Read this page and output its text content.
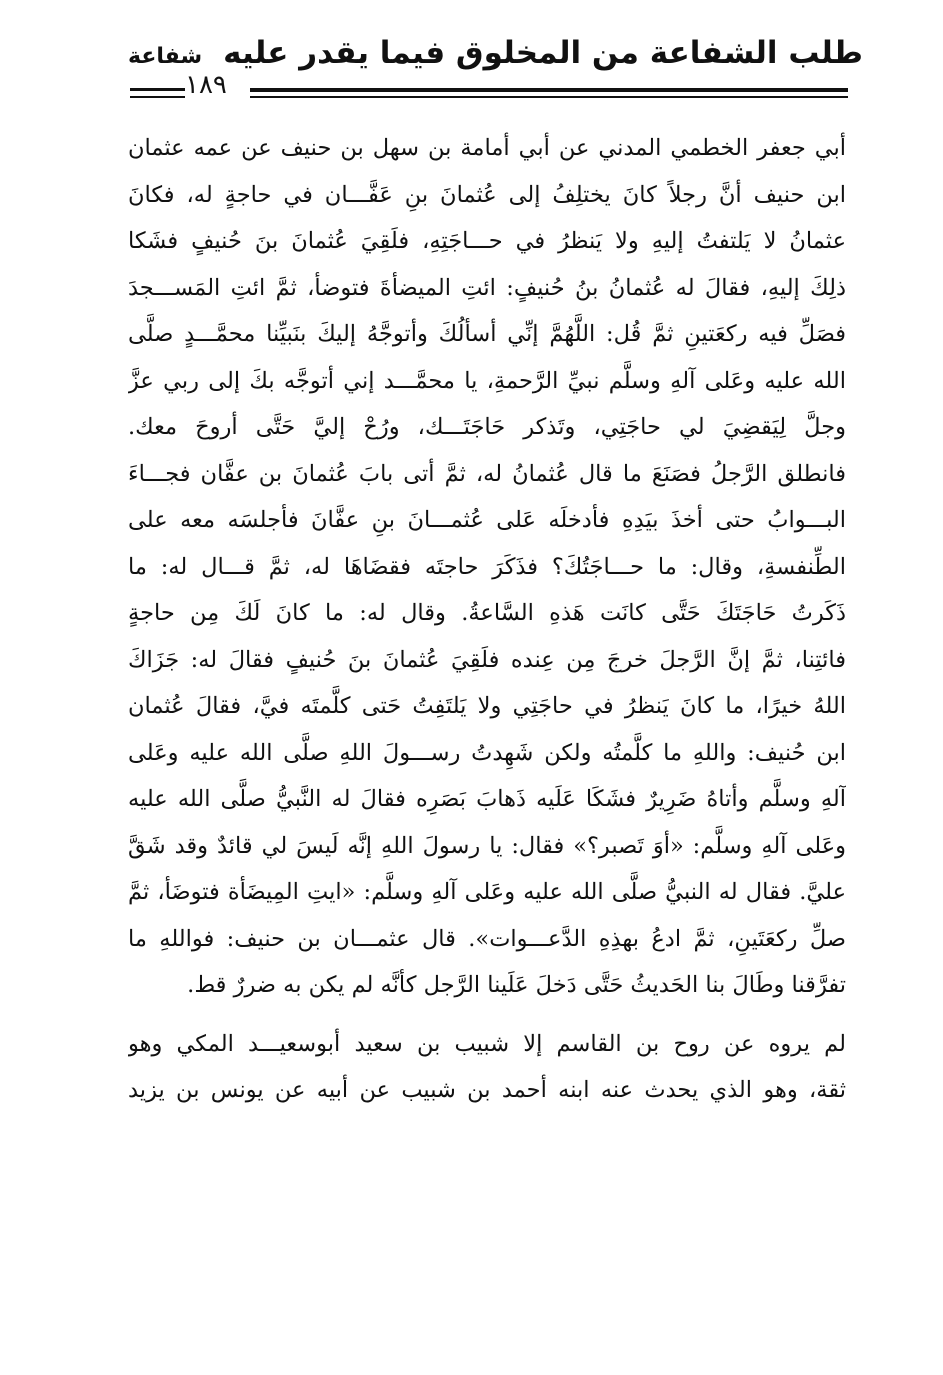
طلب الشفاعة من المخلوق فيما يقدر عليه
شفاعة
١٨٩
أبي جعفر الخطمي المدني عن أبي أمامة بن سهل بن حنيف عن عمه عثمان
ابن حنيف أنَّ رجلاً كانَ يختلِفُ إلى عُثمانَ بنِ عَفَّـــان في حاجةٍ له، فكانَ
عثمانُ لا يَلتفتُ إليهِ ولا يَنظرُ في حـــاجَتِهِ، فلَقِيَ عُثمانَ بنَ حُنيفٍ فشَكا
ذلِكَ إليهِ، فقالَ له عُثمانُ بنُ حُنيفٍ: ائتِ الميضأةَ فتوضأ، ثمَّ ائتِ المَســـجدَ
فصَلِّ فيه ركعَتينِ ثمَّ قُل: اللَّهُمَّ إنِّي أسألُكَ وأتوجَّهُ إليكَ بنَبيِّنا محمَّـــدٍ صلَّى
الله عليه وعَلى آلهِ وسلَّم نبيِّ الرَّحمةِ، يا محمَّـــد إني أتوجَّه بكَ إلى ربي عزَّ
وجلَّ لِيَقضِيَ لي حاجَتِي، وتَذكر حَاجَتَـــك، ورُحْ إليَّ حَتَّى أروحَ معك.
فانطلق الرَّجلُ فصَنَعَ ما قال عُثمانُ له، ثمَّ أتى بابَ عُثمانَ بن عفَّان فجـــاءَ
البـــوابُ حتى أخذَ بيَدِهِ فأدخلَه عَلى عُثمـــانَ بنِ عفَّانَ فأجلسَه معه على
الطِّنفسةِ، وقال: ما حـــاجَتُكَ؟ فذَكَرَ حاجتَه فقضَاهَا له، ثمَّ قـــال له: ما
ذَكَرتُ حَاجَتَكَ حَتَّى كانَت هَذهِ السَّاعةُ. وقال له: ما كانَ لَكَ مِن حاجةٍ
فائتِنا، ثمَّ إنَّ الرَّجلَ خرجَ مِن عِنده فلَقِيَ عُثمانَ بنَ حُنيفٍ فقالَ له: جَزَاكَ
اللهُ خيرًا، ما كانَ يَنظرُ في حاجَتِي ولا يَلتَفِتُ حَتى كلَّمتَه فيَّ، فقالَ عُثمان
ابن حُنيف: واللهِ ما كلَّمتُه ولكن شَهِدتُ رســـولَ اللهِ صلَّى الله عليه وعَلى
آلهِ وسلَّم وأتاهُ ضَرِيرٌ فشَكَا عَلَيه ذَهابَ بَصَرِه فقالَ له النَّبيُّ صلَّى الله عليه
وعَلى آلهِ وسلَّم: «أوَ تَصبر؟» فقال: يا رسولَ اللهِ إنَّه لَيسَ لي قائدٌ وقد شَقَّ
عليَّ. فقال له النبيُّ صلَّى الله عليه وعَلى آلهِ وسلَّم: «ايتِ المِيضَأة فتوضَأ، ثمَّ
صلِّ ركعَتَينِ، ثمَّ ادعُ بهذِهِ الدَّعـــوات». قال عثمـــان بن حنيف: فواللهِ ما
تفرَّقنا وطَالَ بنا الحَديثُ حَتَّى دَخلَ عَلَينا الرَّجل كأنَّه لم يكن به ضررٌ قط.
لم يروه عن روح بن القاسم إلا شبيب بن سعيد أبوسعيـــد المكي وهو
ثقة، وهو الذي يحدث عنه ابنه أحمد بن شبيب عن أبيه عن يونس بن يزيد
